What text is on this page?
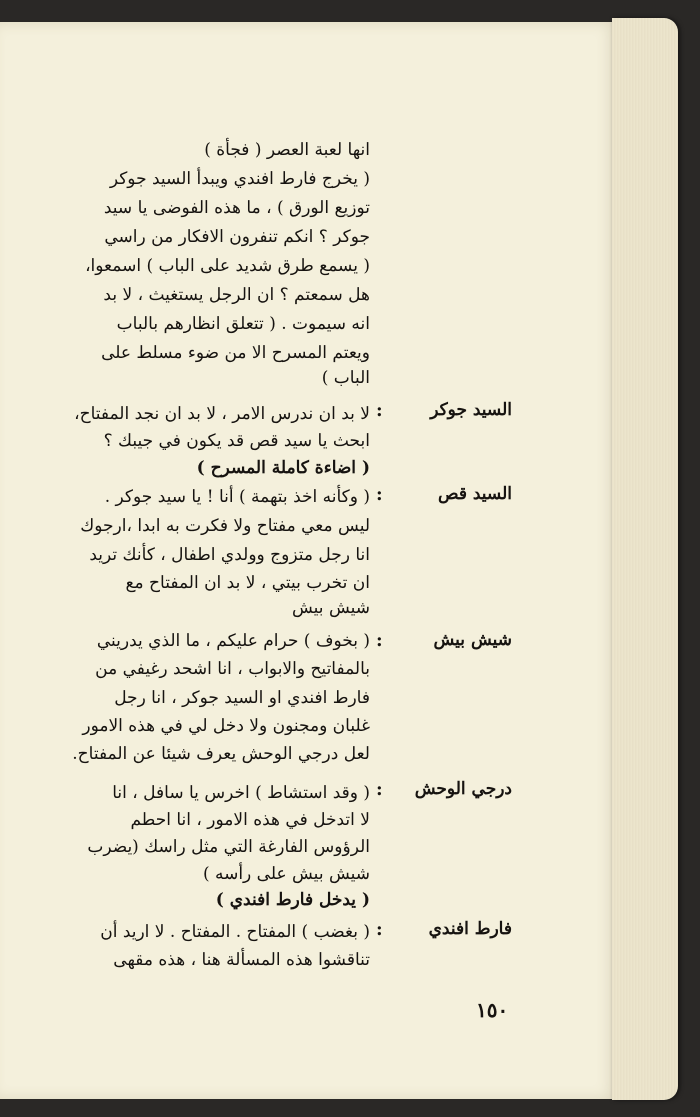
انها لعبة العصر ( فجأة )
( يخرج فارط افندي ويبدأ السيد جوكر
توزيع الورق ) ، ما هذه الفوضى يا سيد
جوكر ؟ انكم تنفرون الافكار من راسي
( يسمع طرق شديد على الباب ) اسمعوا،
هل سمعتم ؟ ان الرجل يستغيث ، لا بد
انه سيموت . ( تتعلق انظارهم بالباب
ويعتم المسرح الا من ضوء مسلط على
الباب )
السيد جوكر
:
لا بد ان ندرس الامر ، لا بد ان نجد المفتاح،
ابحث يا سيد قص قد يكون في جيبك ؟
( اضاءة كاملة المسرح )
السيد قص
:
( وكأنه اخذ بتهمة ) أنا ! يا سيد جوكر .
ليس معي مفتاح ولا فكرت به ابدا ،ارجوك
انا رجل متزوج وولدي اطفال ، كأنك تريد
ان تخرب بيتي ، لا بد ان المفتاح مع
شيش بيش
شيش بيش
:
( بخوف ) حرام عليكم ، ما الذي يدريني
بالمفاتيح والابواب ، انا اشحد رغيفي من
فارط افندي او السيد جوكر ، انا رجل
غلبان ومجنون ولا دخل لي في هذه الامور
لعل درجي الوحش يعرف شيئا عن المفتاح.
درجي الوحش
:
( وقد استشاط ) اخرس يا سافل ، انا
لا اتدخل في هذه الامور ، انا احطم
الرؤوس الفارغة التي مثل راسك (يضرب
شيش بيش على رأسه )
( يدخل فارط افندي )
فارط افندي
:
( بغضب ) المفتاح . المفتاح . لا اريد أن
تناقشوا هذه المسألة هنا ، هذه مقهى
١٥٠
